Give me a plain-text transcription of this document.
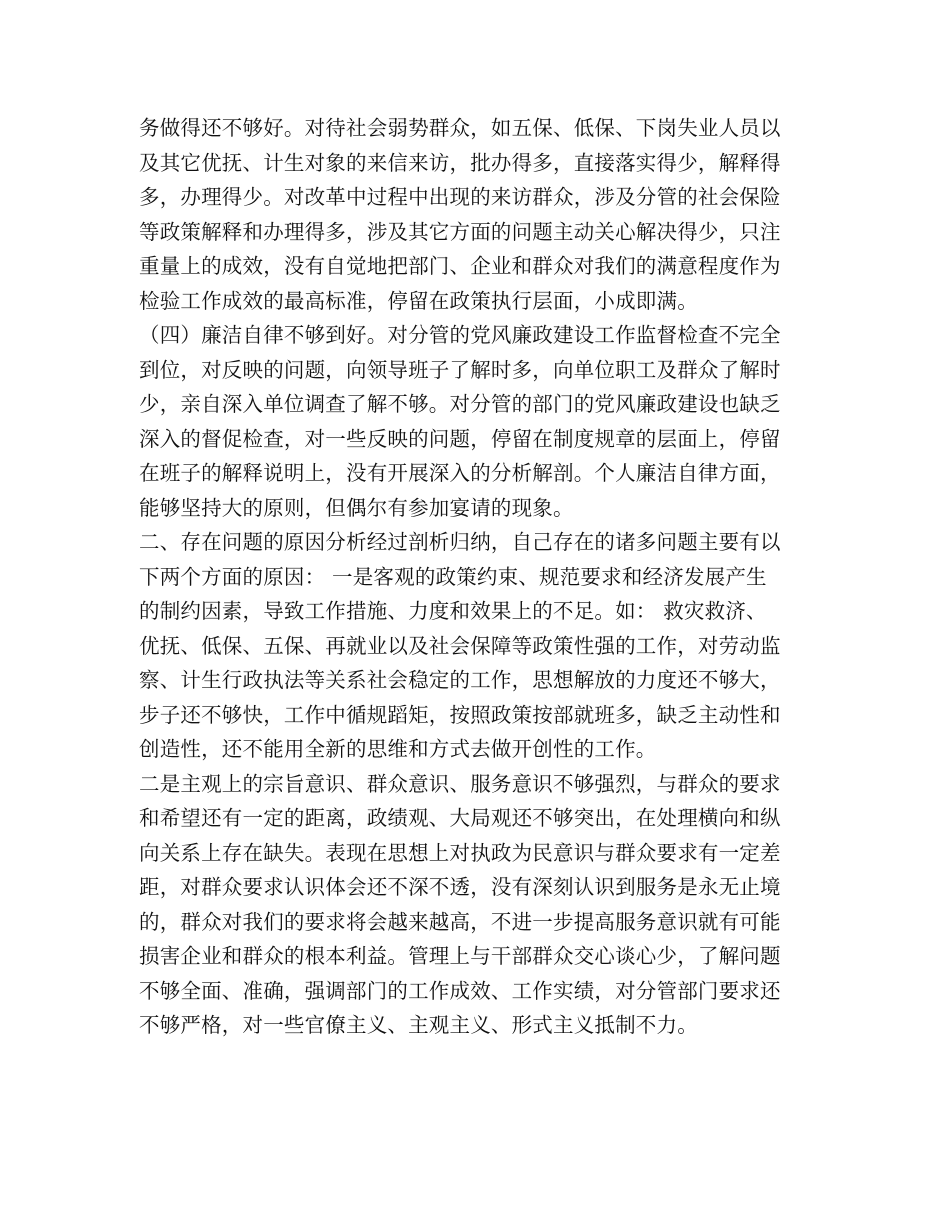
务做得还不够好。对待社会弱势群众，如五保、低保、下岗失业人员以
及其它优抚、计生对象的来信来访，批办得多，直接落实得少，解释得
多，办理得少。对改革中过程中出现的来访群众，涉及分管的社会保险
等政策解释和办理得多，涉及其它方面的问题主动关心解决得少，只注
重量上的成效，没有自觉地把部门、企业和群众对我们的满意程度作为
检验工作成效的最高标准，停留在政策执行层面，小成即满。
（四）廉洁自律不够到好。对分管的党风廉政建设工作监督检查不完全
到位，对反映的问题，向领导班子了解时多，向单位职工及群众了解时
少，亲自深入单位调查了解不够。对分管的部门的党风廉政建设也缺乏
深入的督促检查，对一些反映的问题，停留在制度规章的层面上，停留
在班子的解释说明上，没有开展深入的分析解剖。个人廉洁自律方面，
能够坚持大的原则，但偶尔有参加宴请的现象。
二、存在问题的原因分析经过剖析归纳，自己存在的诸多问题主要有以
下两个方面的原因： 一是客观的政策约束、规范要求和经济发展产生
的制约因素，导致工作措施、力度和效果上的不足。如： 救灾救济、
优抚、低保、五保、再就业以及社会保障等政策性强的工作，对劳动监
察、计生行政执法等关系社会稳定的工作，思想解放的力度还不够大，
步子还不够快，工作中循规蹈矩，按照政策按部就班多，缺乏主动性和
创造性，还不能用全新的思维和方式去做开创性的工作。
二是主观上的宗旨意识、群众意识、服务意识不够强烈，与群众的要求
和希望还有一定的距离，政绩观、大局观还不够突出，在处理横向和纵
向关系上存在缺失。表现在思想上对执政为民意识与群众要求有一定差
距，对群众要求认识体会还不深不透，没有深刻认识到服务是永无止境
的，群众对我们的要求将会越来越高，不进一步提高服务意识就有可能
损害企业和群众的根本利益。管理上与干部群众交心谈心少，了解问题
不够全面、准确，强调部门的工作成效、工作实绩，对分管部门要求还
不够严格，对一些官僚主义、主观主义、形式主义抵制不力。
